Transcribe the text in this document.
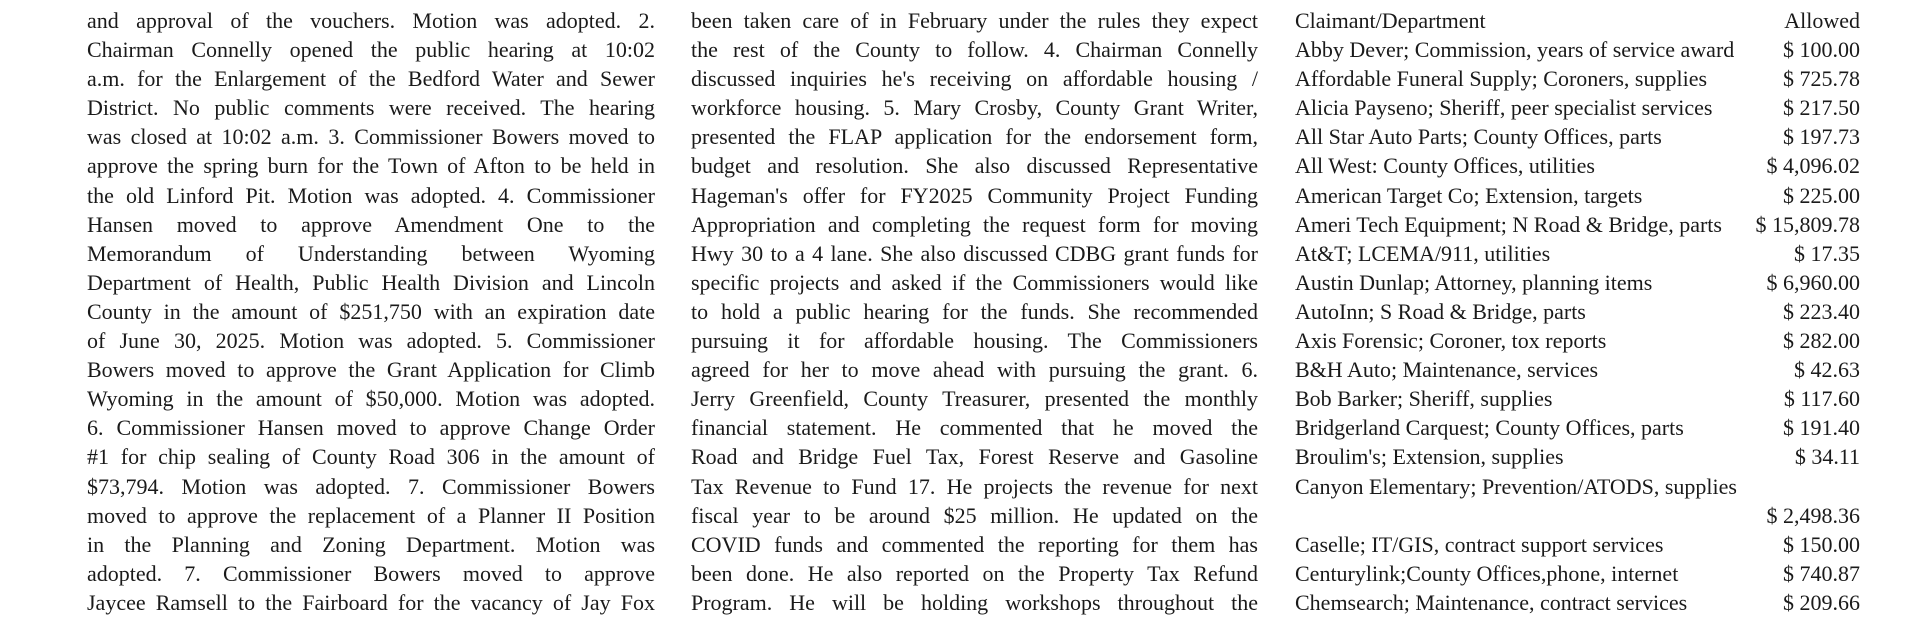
and approval of the vouchers. Motion was adopted. 2.
Chairman Connelly opened the public hearing at 10:02
a.m. for the Enlargement of the Bedford Water and Sewer
District. No public comments were received. The hearing
was closed at 10:02 a.m. 3. Commissioner Bowers moved to
approve the spring burn for the Town of Afton to be held in
the old Linford Pit. Motion was adopted. 4. Commissioner
Hansen moved to approve Amendment One to the
Memorandum of Understanding between Wyoming
Department of Health, Public Health Division and Lincoln
County in the amount of $251,750 with an expiration date
of June 30, 2025. Motion was adopted. 5. Commissioner
Bowers moved to approve the Grant Application for Climb
Wyoming in the amount of $50,000. Motion was adopted.
6. Commissioner Hansen moved to approve Change Order
#1 for chip sealing of County Road 306 in the amount of
$73,794. Motion was adopted. 7. Commissioner Bowers
moved to approve the replacement of a Planner II Position
in the Planning and Zoning Department. Motion was
adopted. 7. Commissioner Bowers moved to approve
Jaycee Ramsell to the Fairboard for the vacancy of Jay Fox
been taken care of in February under the rules they expect
the rest of the County to follow. 4. Chairman Connelly
discussed inquiries he's receiving on affordable housing /
workforce housing. 5. Mary Crosby, County Grant Writer,
presented the FLAP application for the endorsement form,
budget and resolution. She also discussed Representative
Hageman's offer for FY2025 Community Project Funding
Appropriation and completing the request form for moving
Hwy 30 to a 4 lane. She also discussed CDBG grant funds for
specific projects and asked if the Commissioners would like
to hold a public hearing for the funds. She recommended
pursuing it for affordable housing. The Commissioners
agreed for her to move ahead with pursuing the grant. 6.
Jerry Greenfield, County Treasurer, presented the monthly
financial statement. He commented that he moved the
Road and Bridge Fuel Tax, Forest Reserve and Gasoline
Tax Revenue to Fund 17. He projects the revenue for next
fiscal year to be around $25 million. He updated on the
COVID funds and commented the reporting for them has
been done. He also reported on the Property Tax Refund
Program. He will be holding workshops throughout the
Claimant/Department	Allowed
Abby Dever; Commission, years of service award $ 100.00
Affordable Funeral Supply; Coroners, supplies	$ 725.78
Alicia Payseno; Sheriff, peer specialist services	$ 217.50
All Star Auto Parts; County Offices, parts	$ 197.73
All West: County Offices, utilities	$ 4,096.02
American Target Co; Extension, targets	$ 225.00
Ameri Tech Equipment; N Road & Bridge, parts $ 15,809.78
At&T; LCEMA/911, utilities	$ 17.35
Austin Dunlap; Attorney, planning items	$ 6,960.00
AutoInn; S Road & Bridge, parts	$ 223.40
Axis Forensic; Coroner, tox reports	$ 282.00
B&H Auto; Maintenance, services	$ 42.63
Bob Barker; Sheriff, supplies	$ 117.60
Bridgerland Carquest; County Offices, parts	$ 191.40
Broulim's; Extension, supplies	$ 34.11
Canyon Elementary; Prevention/ATODS, supplies
$ 2,498.36
Caselle; IT/GIS, contract support services	$ 150.00
Centurylink;County Offices,phone, internet	$ 740.87
Chemsearch; Maintenance, contract services	$ 209.66
